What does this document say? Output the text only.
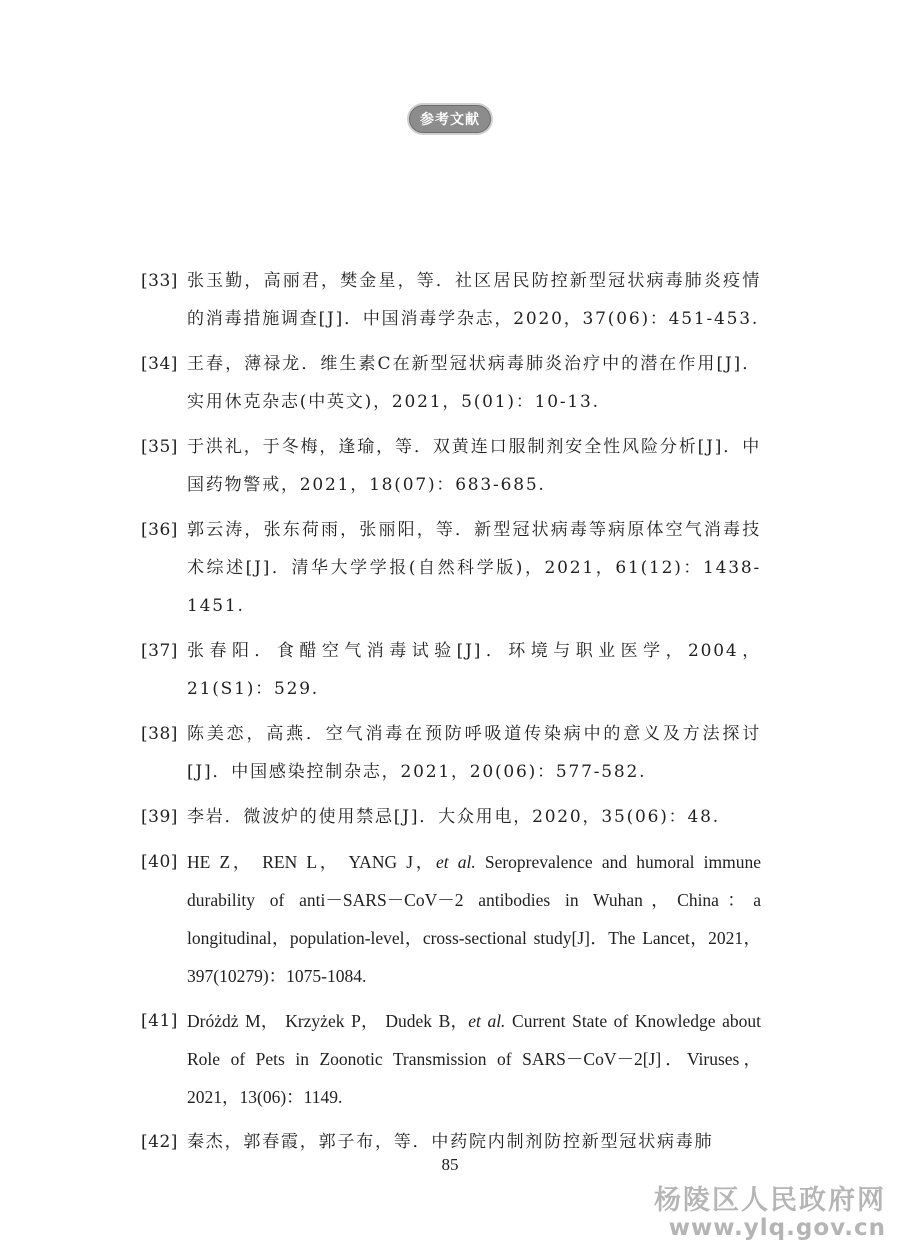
参考文献
[33] 张玉勤，高丽君，樊金星，等．社区居民防控新型冠状病毒肺炎疫情的消毒措施调查[J]．中国消毒学杂志，2020，37(06)：451-453.
[34] 王春，薄禄龙．维生素C在新型冠状病毒肺炎治疗中的潜在作用[J]．实用休克杂志(中英文)，2021，5(01)：10-13.
[35] 于洪礼，于冬梅，逢瑜，等．双黄连口服制剂安全性风险分析[J]．中国药物警戒，2021，18(07)：683-685.
[36] 郭云涛，张东荷雨，张丽阳，等．新型冠状病毒等病原体空气消毒技术综述[J]．清华大学学报(自然科学版)，2021，61(12)：1438-1451.
[37] 张春阳．食醋空气消毒试验[J]．环境与职业医学，2004，21(S1)：529.
[38] 陈美恋，高燕．空气消毒在预防呼吸道传染病中的意义及方法探讨[J]．中国感染控制杂志，2021，20(06)：577-582.
[39] 李岩．微波炉的使用禁忌[J]．大众用电，2020，35(06)：48.
[40] HE Z， REN L， YANG J，et al. Seroprevalence and humoral immune durability of anti－SARS－CoV－2 antibodies in Wuhan，China：a longitudinal，population-level，cross-sectional study[J]．The Lancet，2021，397(10279)：1075-1084.
[41] Dróżdż M， Krzyżek P， Dudek B，et al. Current State of Knowledge about Role of Pets in Zoonotic Transmission of SARS－CoV－2[J]．Viruses，2021，13(06)：1149.
[42] 秦杰，郭春霞，郭子布，等．中药院内制剂防控新型冠状病毒肺
85
杨陵区人民政府网
www.ylq.gov.cn
